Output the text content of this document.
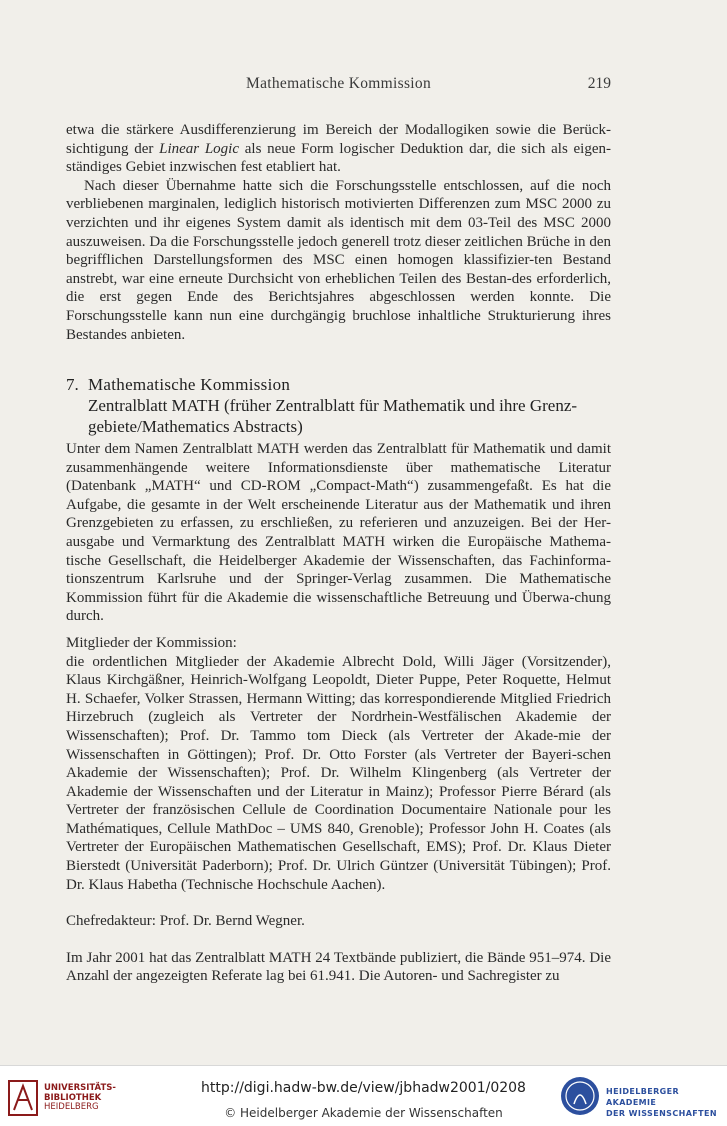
Mathematische Kommission	219

etwa die stärkere Ausdifferenzierung im Bereich der Modallogiken sowie die Berück-sichtigung der Linear Logic als neue Form logischer Deduktion dar, die sich als eigen-ständiges Gebiet inzwischen fest etabliert hat.

Nach dieser Übernahme hatte sich die Forschungsstelle entschlossen, auf die noch verbliebenen marginalen, lediglich historisch motivierten Differenzen zum MSC 2000 zu verzichten und ihr eigenes System damit als identisch mit dem 03-Teil des MSC 2000 auszuweisen. Da die Forschungsstelle jedoch generell trotz dieser zeitlichen Brüche in den begrifflichen Darstellungsformen des MSC einen homogen klassifizier-ten Bestand anstrebt, war eine erneute Durchsicht von erheblichen Teilen des Bestan-des erforderlich, die erst gegen Ende des Berichtsjahres abgeschlossen werden konnte. Die Forschungsstelle kann nun eine durchgängig bruchlose inhaltliche Strukturierung ihres Bestandes anbieten.

7. Mathematische Kommission
Zentralblatt MATH (früher Zentralblatt für Mathematik und ihre Grenz-gebiete/Mathematics Abstracts)

Unter dem Namen Zentralblatt MATH werden das Zentralblatt für Mathematik und damit zusammenhängende weitere Informationsdienste über mathematische Literatur (Datenbank „MATH“ und CD-ROM „Compact-Math“) zusammengefaßt. Es hat die Aufgabe, die gesamte in der Welt erscheinende Literatur aus der Mathematik und ihren Grenzgebieten zu erfassen, zu erschließen, zu referieren und anzuzeigen. Bei der Her-ausgabe und Vermarktung des Zentralblatt MATH wirken die Europäische Mathema-tische Gesellschaft, die Heidelberger Akademie der Wissenschaften, das Fachinforma-tionszentrum Karlsruhe und der Springer-Verlag zusammen. Die Mathematische Kommission führt für die Akademie die wissenschaftliche Betreuung und Überwa-chung durch.

Mitglieder der Kommission:

die ordentlichen Mitglieder der Akademie Albrecht Dold, Willi Jäger (Vorsitzender), Klaus Kirchgäßner, Heinrich-Wolfgang Leopoldt, Dieter Puppe, Peter Roquette, Helmut H. Schaefer, Volker Strassen, Hermann Witting; das korrespondierende Mitglied Friedrich Hirzebruch (zugleich als Vertreter der Nordrhein-Westfälischen Akademie der Wissenschaften); Prof. Dr. Tammo tom Dieck (als Vertreter der Akade-mie der Wissenschaften in Göttingen); Prof. Dr. Otto Forster (als Vertreter der Bayeri-schen Akademie der Wissenschaften); Prof. Dr. Wilhelm Klingenberg (als Vertreter der Akademie der Wissenschaften und der Literatur in Mainz); Professor Pierre Bérard (als Vertreter der französischen Cellule de Coordination Documentaire Nationale pour les Mathématiques, Cellule MathDoc – UMS 840, Grenoble); Professor John H. Coates (als Vertreter der Europäischen Mathematischen Gesellschaft, EMS); Prof. Dr. Klaus Dieter Bierstedt (Universität Paderborn); Prof. Dr. Ulrich Güntzer (Universität Tübingen); Prof. Dr. Klaus Habetha (Technische Hochschule Aachen).

Chefredakteur: Prof. Dr. Bernd Wegner.

Im Jahr 2001 hat das Zentralblatt MATH 24 Textbände publiziert, die Bände 951–974. Die Anzahl der angezeigten Referate lag bei 61.941. Die Autoren- und Sachregister zu

UNIVERSITÄTS-
BIBLIOTHEK
HEIDELBERG
http://digi.hadw-bw.de/view/jbhadw2001/0208
© Heidelberger Akademie der Wissenschaften
HEIDELBERGER AKADEMIE
DER WISSENSCHAFTEN
